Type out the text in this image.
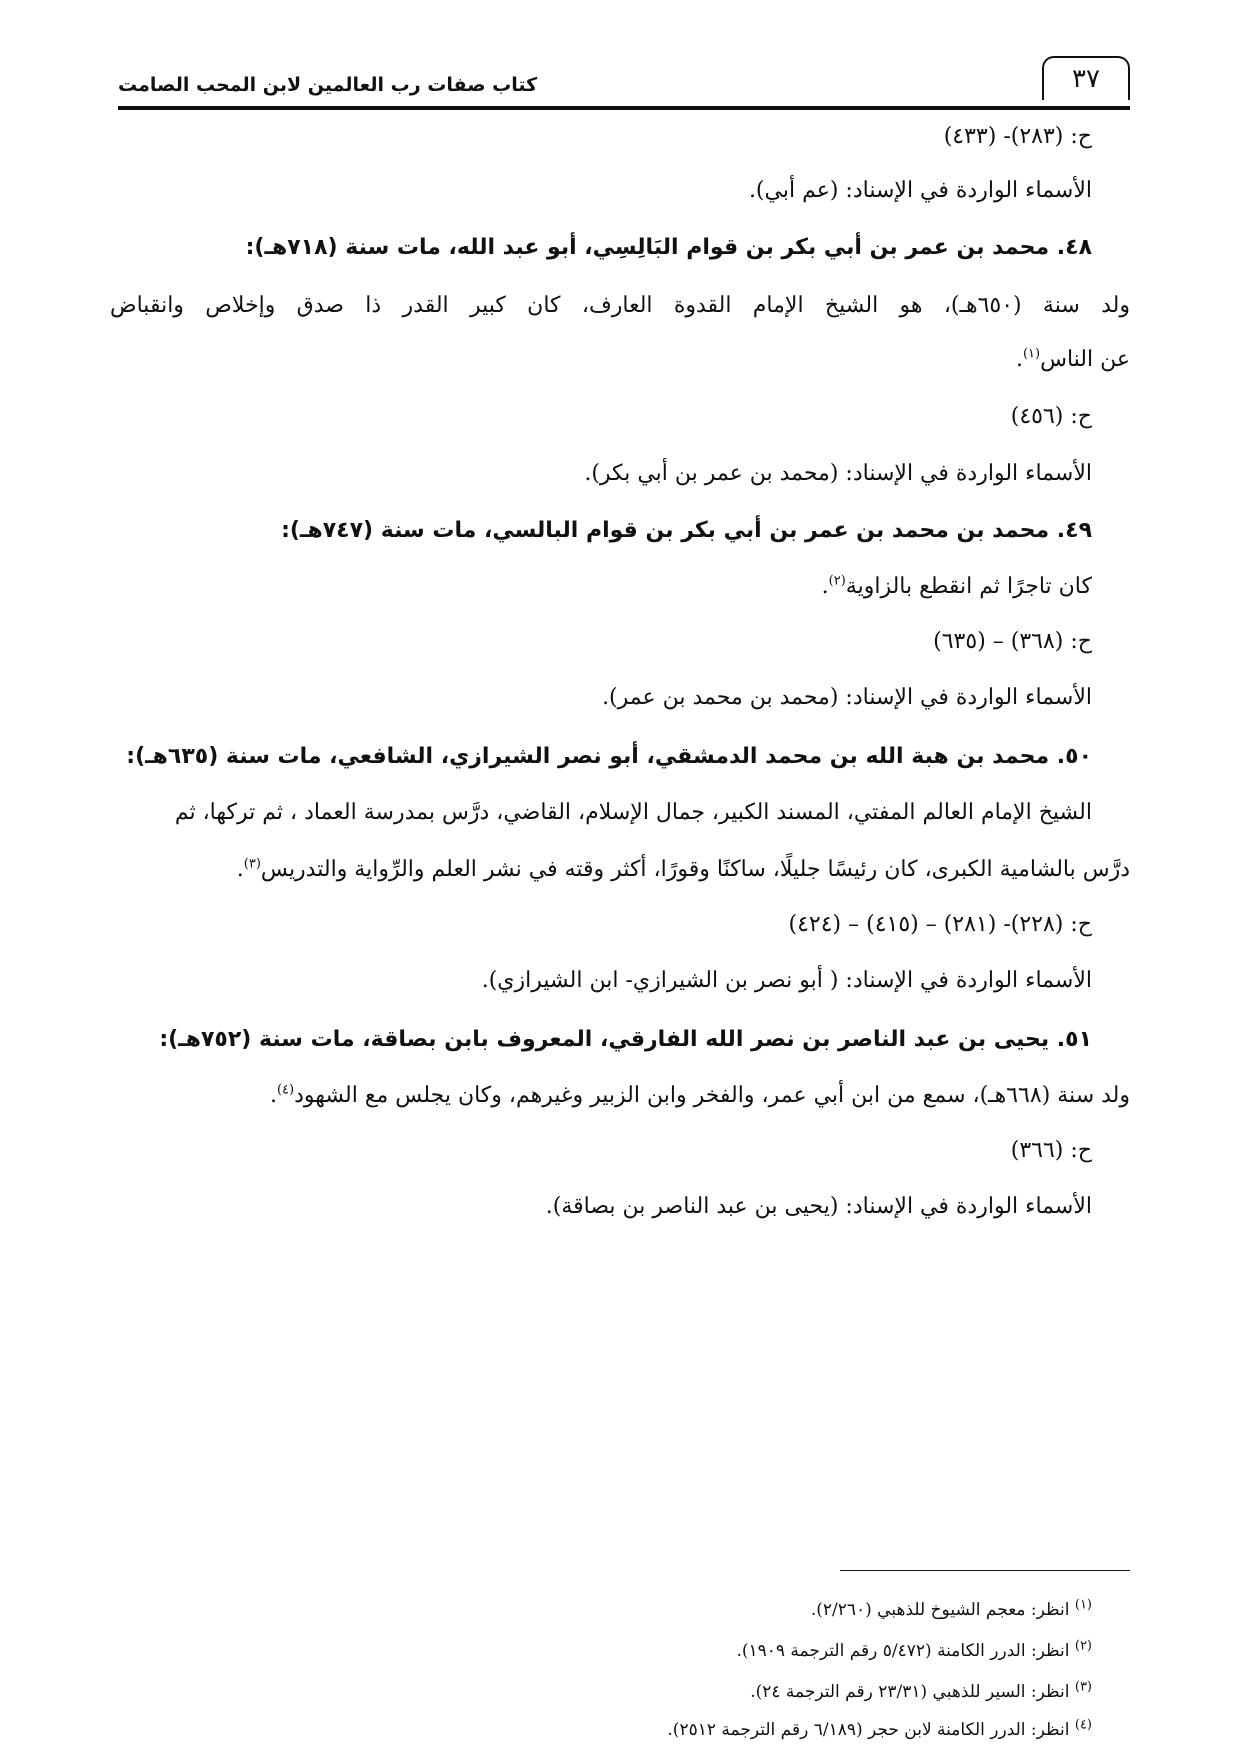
كتاب صفات رب العالمين لابن المحب الصامت	٣٧
ح: (٢٨٣)- (٤٣٣)
الأسماء الواردة في الإسناد: (عم أبي).
٤٨. محمد بن عمر بن أبي بكر بن قوام البَالِسِي، أبو عبد الله، مات سنة (٧١٨هـ):
ولد سنة (٦٥٠هـ)، هو الشيخ الإمام القدوة العارف، كان كبير القدر ذا صدق وإخلاص وانقباض
عن الناس$^{(١)}$.
ح: (٤٥٦)
الأسماء الواردة في الإسناد: (محمد بن عمر بن أبي بكر).
٤٩. محمد بن محمد بن عمر بن أبي بكر بن قوام البالسي، مات سنة (٧٤٧هـ):
كان تاجرًا ثم انقطع بالزاوية$^{(٢)}$.
ح: (٣٦٨) – (٦٣٥)
الأسماء الواردة في الإسناد: (محمد بن محمد بن عمر).
٥٠. محمد بن هبة الله بن محمد الدمشقي، أبو نصر الشيرازي، الشافعي، مات سنة (٦٣٥هـ):
الشيخ الإمام العالم المفتي، المسند الكبير، جمال الإسلام، القاضي، درَّس بمدرسة العماد ، ثم تركها، ثم
درَّس بالشامية الكبرى، كان رئيسًا جليلًا، ساكنًا وقورًا، أكثر وقته في نشر العلم والرِّواية والتدريس$^{(٣)}$.
ح: (٢٢٨)- (٢٨١) – (٤١٥) – (٤٢٤)
الأسماء الواردة في الإسناد: ( أبو نصر بن الشيرازي- ابن الشيرازي).
٥١. يحيى بن عبد الناصر بن نصر الله الفارقي، المعروف بابن بصاقة، مات سنة (٧٥٢هـ):
ولد سنة (٦٦٨هـ)، سمع من ابن أبي عمر، والفخر وابن الزبير وغيرهم، وكان يجلس مع الشهود$^{(٤)}$.
ح: (٣٦٦)
الأسماء الواردة في الإسناد: (يحيى بن عبد الناصر بن بصاقة).
$^{(١)}$ انظر: معجم الشيوخ للذهبي (٢/٢٦٠).
$^{(٢)}$ انظر: الدرر الكامنة (٥/٤٧٢ رقم الترجمة ١٩٠٩).
$^{(٣)}$ انظر: السير للذهبي (٢٣/٣١ رقم الترجمة ٢٤).
$^{(٤)}$ انظر: الدرر الكامنة لابن حجر (٦/١٨٩ رقم الترجمة ٢٥١٢).
